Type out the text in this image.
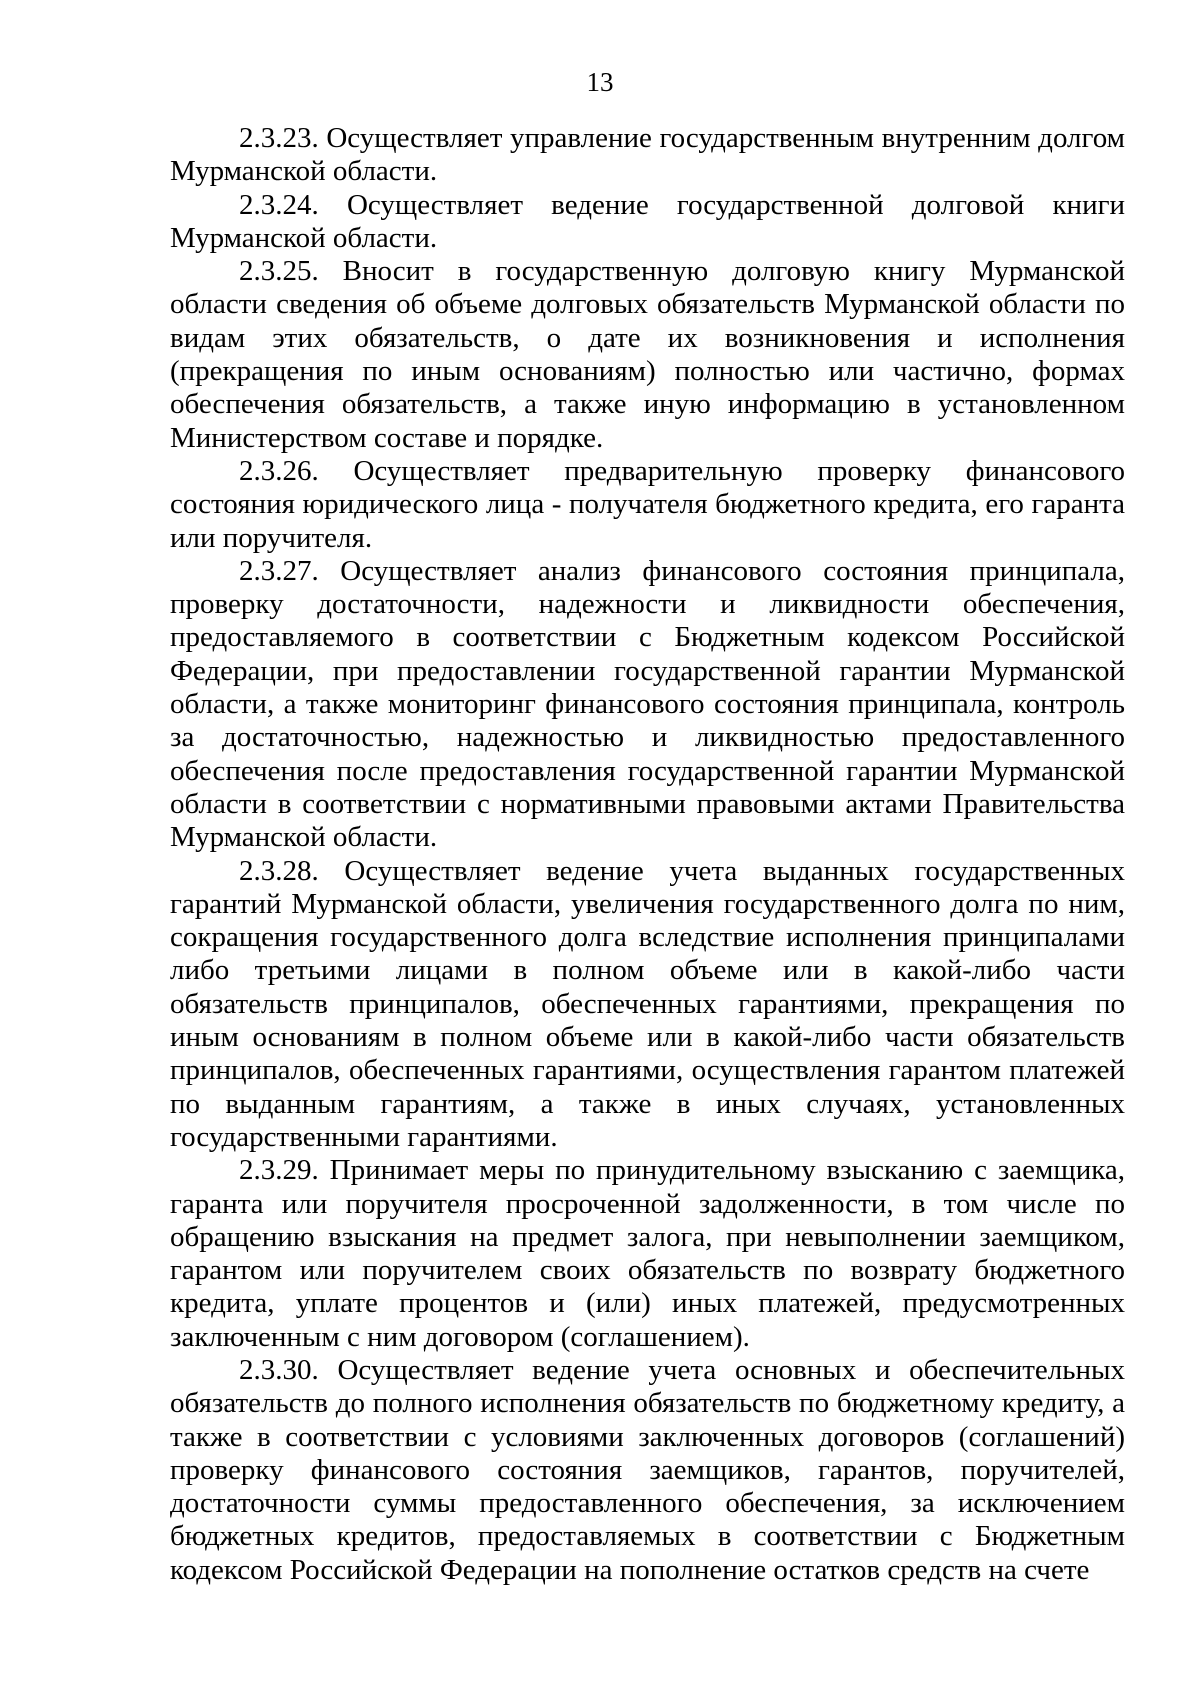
13

2.3.23. Осуществляет управление государственным внутренним долгом Мурманской области.

2.3.24. Осуществляет ведение государственной долговой книги Мурманской области.

2.3.25. Вносит в государственную долговую книгу Мурманской области сведения об объеме долговых обязательств Мурманской области по видам этих обязательств, о дате их возникновения и исполнения (прекращения по иным основаниям) полностью или частично, формах обеспечения обязательств, а также иную информацию в установленном Министерством составе и порядке.

2.3.26. Осуществляет предварительную проверку финансового состояния юридического лица - получателя бюджетного кредита, его гаранта или поручителя.

2.3.27. Осуществляет анализ финансового состояния принципала, проверку достаточности, надежности и ликвидности обеспечения, предоставляемого в соответствии с Бюджетным кодексом Российской Федерации, при предоставлении государственной гарантии Мурманской области, а также мониторинг финансового состояния принципала, контроль за достаточностью, надежностью и ликвидностью предоставленного обеспечения после предоставления государственной гарантии Мурманской области в соответствии с нормативными правовыми актами Правительства Мурманской области.

2.3.28. Осуществляет ведение учета выданных государственных гарантий Мурманской области, увеличения государственного долга по ним, сокращения государственного долга вследствие исполнения принципалами либо третьими лицами в полном объеме или в какой-либо части обязательств принципалов, обеспеченных гарантиями, прекращения по иным основаниям в полном объеме или в какой-либо части обязательств принципалов, обеспеченных гарантиями, осуществления гарантом платежей по выданным гарантиям, а также в иных случаях, установленных государственными гарантиями.

2.3.29. Принимает меры по принудительному взысканию с заемщика, гаранта или поручителя просроченной задолженности, в том числе по обращению взыскания на предмет залога, при невыполнении заемщиком, гарантом или поручителем своих обязательств по возврату бюджетного кредита, уплате процентов и (или) иных платежей, предусмотренных заключенным с ним договором (соглашением).

2.3.30. Осуществляет ведение учета основных и обеспечительных обязательств до полного исполнения обязательств по бюджетному кредиту, а также в соответствии с условиями заключенных договоров (соглашений) проверку финансового состояния заемщиков, гарантов, поручителей, достаточности суммы предоставленного обеспечения, за исключением бюджетных кредитов, предоставляемых в соответствии с Бюджетным кодексом Российской Федерации на пополнение остатков средств на счете
